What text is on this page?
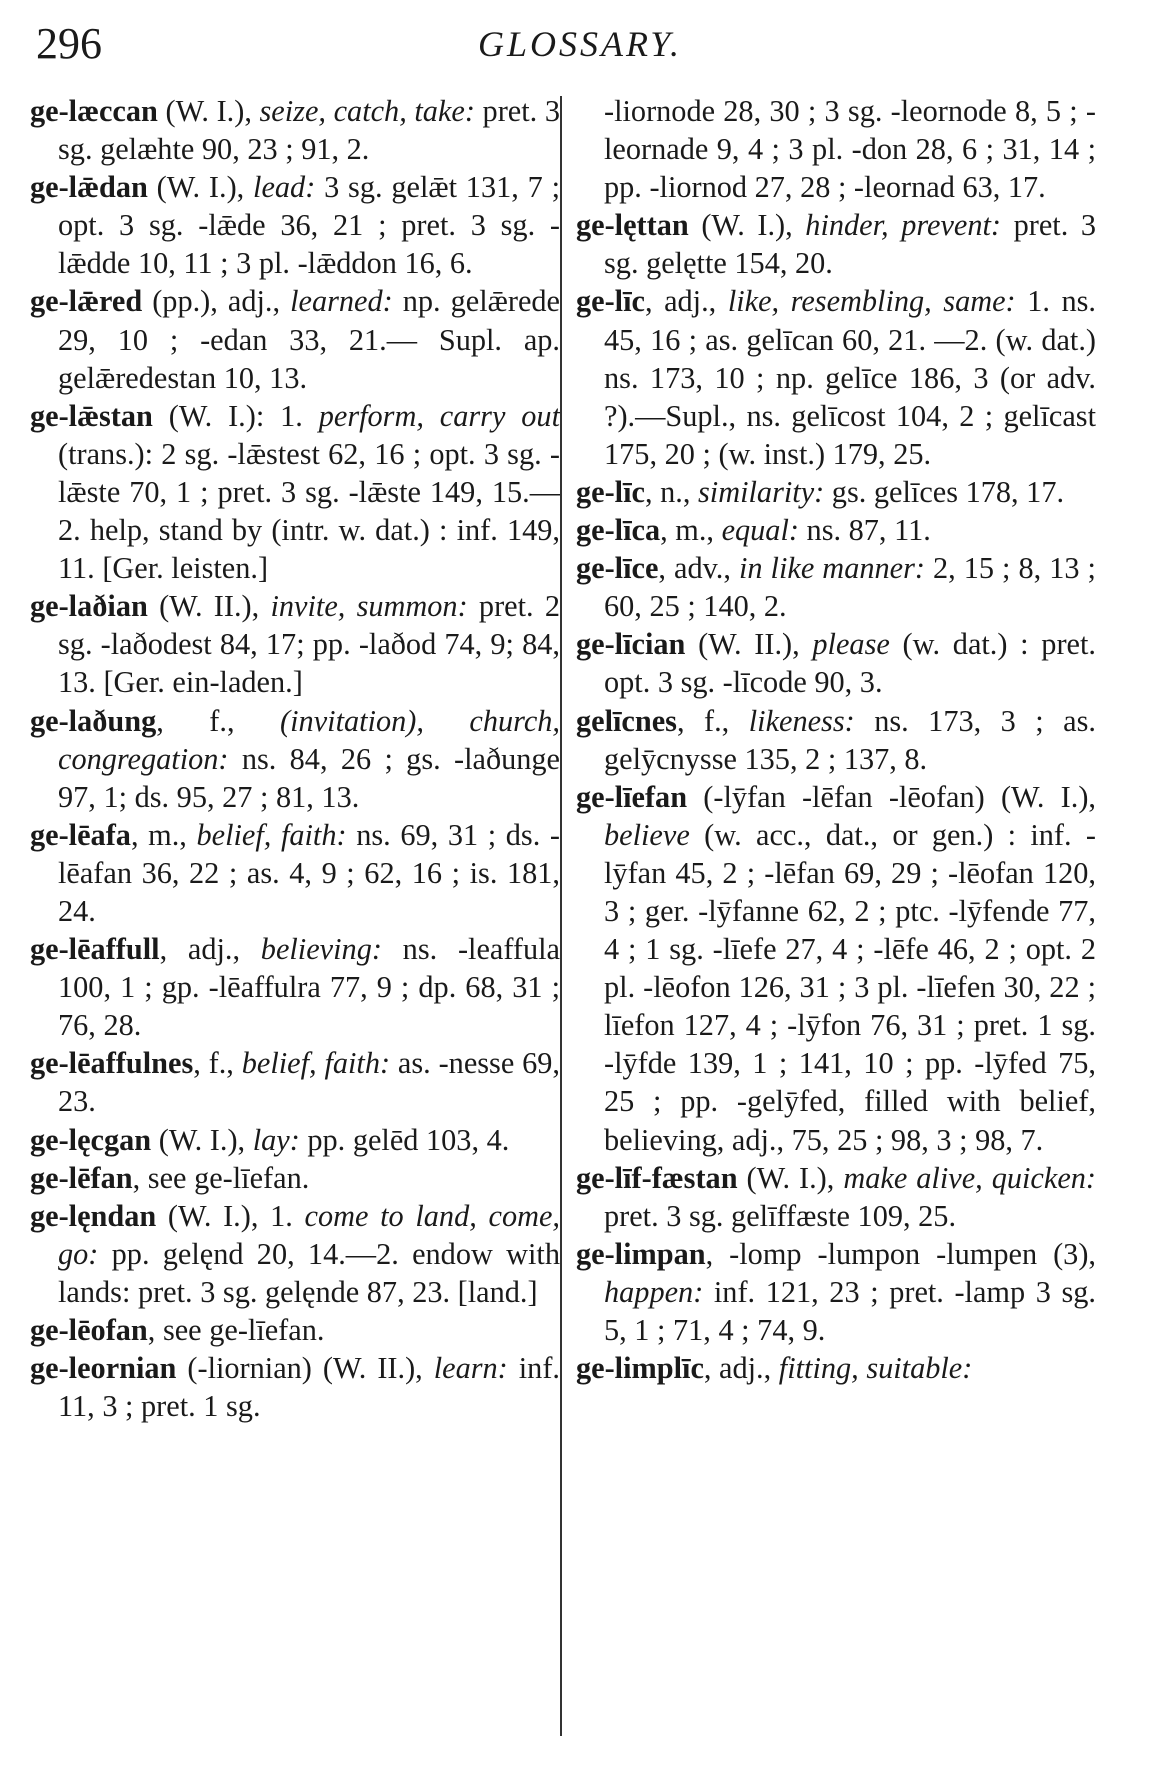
296	GLOSSARY.

ge-læccan (W. I.), seize, catch, take: pret. 3 sg. gelæhte 90, 23 ; 91, 2.

ge-lǣdan (W. I.), lead: 3 sg. gelǣt 131, 7 ; opt. 3 sg. -lǣde 36, 21 ; pret. 3 sg. -lǣdde 10, 11 ; 3 pl. -lǣddon 16, 6.

ge-lǣred (pp.), adj., learned: np. gelǣrede 29, 10 ; -edan 33, 21.— Supl. ap. gelǣredestan 10, 13.

ge-lǣstan (W. I.): 1. perform, carry out (trans.): 2 sg. -lǣstest 62, 16 ; opt. 3 sg. -lǣste 70, 1 ; pret. 3 sg. -lǣste 149, 15.— 2. help, stand by (intr. w. dat.) : inf. 149, 11. [Ger. leisten.]

ge-laðian (W. II.), invite, summon: pret. 2 sg. -laðodest 84, 17; pp. -laðod 74, 9; 84, 13. [Ger. ein-laden.]

ge-laðung, f., (invitation), church, congregation: ns. 84, 26 ; gs. -laðunge 97, 1; ds. 95, 27 ; 81, 13.

ge-lēafa, m., belief, faith: ns. 69, 31 ; ds. -lēafan 36, 22 ; as. 4, 9 ; 62, 16 ; is. 181, 24.

ge-lēaffull, adj., believing: ns. -leaffula 100, 1 ; gp. -lēaffulra 77, 9 ; dp. 68, 31 ; 76, 28.

ge-lēaffulnes, f., belief, faith: as. -nesse 69, 23.

ge-lęcgan (W. I.), lay: pp. gelēd 103, 4.

ge-lēfan, see ge-līefan.

ge-lęndan (W. I.), 1. come to land, come, go: pp. gelęnd 20, 14.—2. endow with lands: pret. 3 sg. gelęnde 87, 23. [land.]

ge-lēofan, see ge-līefan.

ge-leornian (-liornian) (W. II.), learn: inf. 11, 3 ; pret. 1 sg.

-liornode 28, 30 ; 3 sg. -leornode 8, 5 ; -leornade 9, 4 ; 3 pl. -don 28, 6 ; 31, 14 ; pp. -liornod 27, 28 ; -leornad 63, 17.

ge-lęttan (W. I.), hinder, prevent: pret. 3 sg. gelętte 154, 20.

ge-līc, adj., like, resembling, same: 1. ns. 45, 16 ; as. gelīcan 60, 21. —2. (w. dat.) ns. 173, 10 ; np. gelīce 186, 3 (or adv. ?).—Supl., ns. gelīcost 104, 2 ; gelīcast 175, 20 ; (w. inst.) 179, 25.

ge-līc, n., similarity: gs. gelīces 178, 17.

ge-līca, m., equal: ns. 87, 11.

ge-līce, adv., in like manner: 2, 15 ; 8, 13 ; 60, 25 ; 140, 2.

ge-līcian (W. II.), please (w. dat.) : pret. opt. 3 sg. -līcode 90, 3.

gelīcnes, f., likeness: ns. 173, 3 ; as. gelȳcnysse 135, 2 ; 137, 8.

ge-līefan (-lȳfan -lēfan -lēofan) (W. I.), believe (w. acc., dat., or gen.) : inf. -lȳfan 45, 2 ; -lēfan 69, 29 ; -lēofan 120, 3 ; ger. -lȳfanne 62, 2 ; ptc. -lȳfende 77, 4 ; 1 sg. -līefe 27, 4 ; -lēfe 46, 2 ; opt. 2 pl. -lēofon 126, 31 ; 3 pl. -līefen 30, 22 ; līefon 127, 4 ; -lȳfon 76, 31 ; pret. 1 sg. -lȳfde 139, 1 ; 141, 10 ; pp. -lȳfed 75, 25 ; pp. -gelȳfed, filled with belief, believing, adj., 75, 25 ; 98, 3 ; 98, 7.

ge-līf-fæstan (W. I.), make alive, quicken: pret. 3 sg. gelīffæste 109, 25.

ge-limpan, -lomp -lumpon -lumpen (3), happen: inf. 121, 23 ; pret. -lamp 3 sg. 5, 1 ; 71, 4 ; 74, 9.

ge-limplīc, adj., fitting, suitable:
